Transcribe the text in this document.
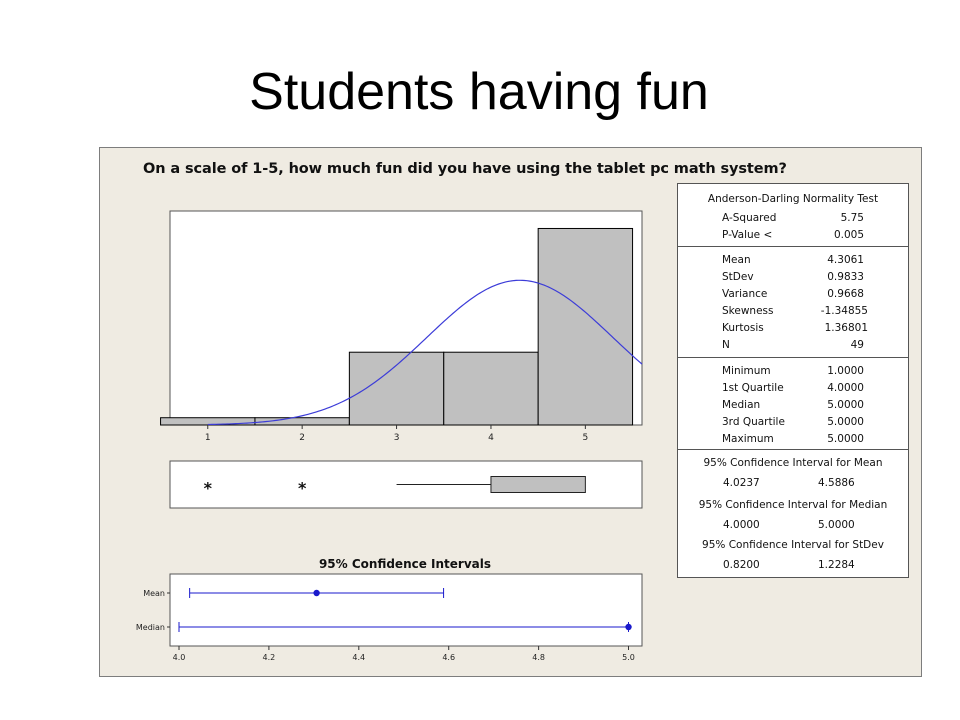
Students having fun
On a scale of 1-5, how much fun did you have using the tablet pc math system?
1	2	3	4	5
*	*
95% Confidence Intervals
Mean
Median
4.0	4.2	4.4	4.6	4.8	5.0
Anderson-Darling Normality Test
A-Squared	5.75
P-Value <	0.005
Mean	4.3061
StDev	0.9833
Variance	0.9668
Skewness	-1.34855
Kurtosis	1.36801
N	49
Minimum	1.0000
1st Quartile	4.0000
Median	5.0000
3rd Quartile	5.0000
Maximum	5.0000
95% Confidence Interval for Mean
4.0237	4.5886
95% Confidence Interval for Median
4.0000	5.0000
95% Confidence Interval for StDev
0.8200	1.2284
